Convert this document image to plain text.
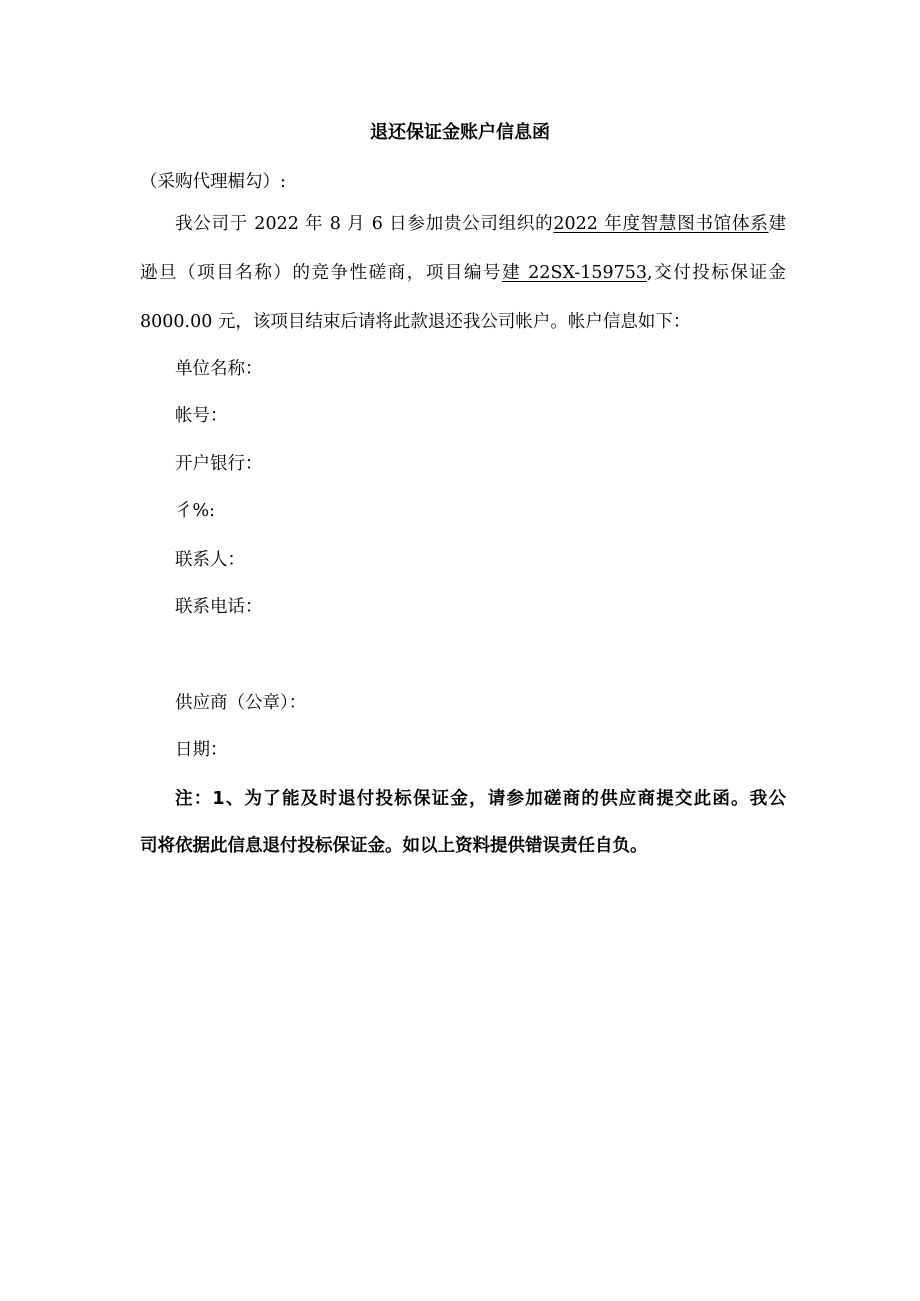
退还保证金账户信息函
（采购代理楣勾）:
我公司于 2022 年 8 月 6 日参加贵公司组织的2022 年度智慧图书馆体系建
逊旦（项目名称）的竞争性磋商，项目编号建 22SX-159753,交付投标保证金
8000.00 元，该项目结束后请将此款退还我公司帐户。帐户信息如下：
单位名称：
帐号：
开户银行：
彳%:
联系人：
联系电话：
供应商（公章）：
日期：
注：1、为了能及时退付投标保证金，请参加磋商的供应商提交此函。我公
司将依据此信息退付投标保证金。如以上资料提供错误责任自负。
